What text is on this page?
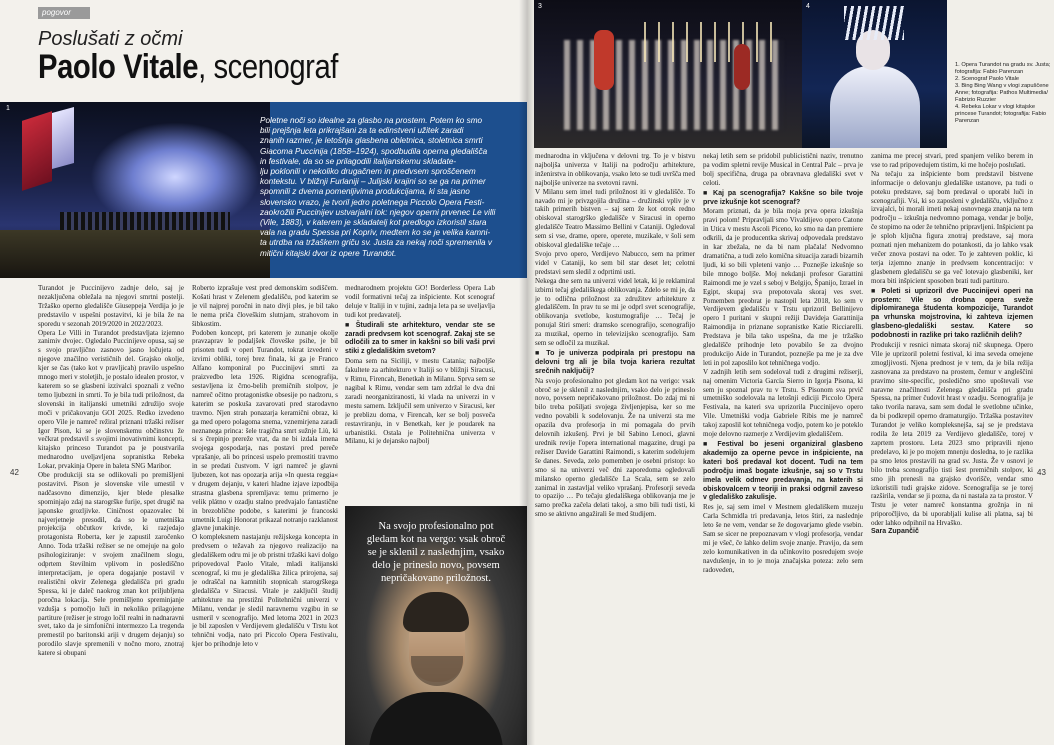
pogovor
Poslušati z očmi
Paolo Vitale, scenograf
1
Poletne noči so idealne za glasbo na prostem. Potem ko smo
bili prejšnja leta prikrajšani za ta edinstveni užitek zaradi
znanih razmer, je letošnja glasbena obletnica, stoletnica smrti
Giacoma Puccinija (1858–1924), spodbudila operna gledališča
in festivale, da so se prilagodili italijanskemu skladate-
lju poklonili v nekoliko drugačnem in predvsem sproščenem
kontekstu. V bližnji Furlaniji – Julijski krajini so se ga na primer
spomnili z dvema pomenljivima produkcijama, ki sta jasno
slovensko vrazo, je tvoril jedro poletnega Piccolo Opera Festi-
zaokrožili Puccinijev ustvarjalni lok: njegov operni prvenec Le villi
(Vile, 1883), v katerem je skladatelj kot predlogo izkoristil stara
vala na gradu Spessa pri Kopriv, medtem ko se je velika kamni-
ta utrdba na tržaškem griču sv. Justa za nekaj noči spremenila v
mitični kitajski dvor iz opere Turandot.
42
Turandot je Puccinijevo zadnje delo, saj je nezaključena obležala na njegovi smrtni postelji. Tržaško operno gledališče Giuseppeja Verdija jo je predstavilo v uspešni postavitvi, ki je bila že na sporedu v sezonah 2019/2020 in 2022/2023.
Opera Le Villi in Turandot predstavljata izjemno zanimiv dvojec. Ogledalo Puccinijeve opusa, saj se s svojo pravljično zasnovo jasno ločujeta od njegove značilno verističnih del. Grajsko okolje, kjer se čas (tako kot v pravljicah) pravilo uspešno mnogo meri v stoletjih, je postalo idealen prostor, v katerem so se glasbeni izzivalci spoznali z večno temo ljubezni in smrti. To je bila tudi priložnost, da slovenski in italijanski umetniki združijo svoje moči v pričakovanju GOI 2025. Redko izvedeno opero Vile je namreč režiral priznani tržaški režiser Igor Pison, ki se je slovenskemu občinstvu že večkrat predstavil s svojimi inovativnimi koncepti, kitajsko princeso Turandot pa je poustvarila mednarodno uveljavljena sopranistka Rebeka Lokar, prvakinja Opere in baleta SNG Maribor.
Obe produkciji sta se odlikovali po premišljeni postavitvi. Pison je slovenske vile umestil v nadčasovno dimenzijo, kjer blede plesalke spominjajo zdaj na starogrške furije, spet drugič na japonske grozljivke. Ciničnost opazovalec bi najverjetneje presodil, da so le umetniška projekcija občutkov krivde, ki razjedajo protagonista Roberta, ker je zapustil zaročenko Anno. Toda tržaški režiser se ne omejuje na golo psihologiziranje: v svojem značilnem slogu, odprtem številnim vplivom in poslediščno interpretacijam, je opera dogajanje postavil v realistični okvir Zelenega gledališča pri gradu Spessa, ki je daleč naokrog znan kot priljubljena poročna lokacija. Sele premišljeno spreminjanje vzdušja s pomočjo luči in nekoliko prilagojene partiture (režiser je strogo ločil realni in nadnaravni svet, tako da je simfonični intermezzo La tregenda premestil po baritonski ariji v drugem dejanju) so porodilo slavje spremenili v nočno moro, znotraj katere si obupani
Roberto izprašuje vest pred demonskim sodiščem. Košati hrast v Zelenem gledališču, pod katerim se je vil najprej poročni in nato divji ples, je bil tako le nema priča človeškim slutnjam, strahovom in šibkostim.
Podoben koncept, pri katerem je zunanje okolje pravzaprav le podaljšek človeške psihe, je bil prisoten tudi v operi Turandot, tokrat izvedeni v izvirni obliki, torej brez finala, ki ga je Franco Alfano komponiral po Puccinijevi smrti za praizvedbo leta 1926. Rigidna scenografija, sestavljena iz črno-belih premičnih stolpov, je namreč očitno protagonistke obsesije po nadzoru, s katerim se poskuša zavarovati pred starodavno travmo. Njen strah ponazarja keramični obraz, ki ga med opero polagoma snema, vznemirjena zaradi neznanega princa: šele tragična smrt sužnje Liù, ki si s črepinjo prereže vrat, da ne bi izdala imena svojega gospodarja, nas postavi pred pereče vprašanje, ali bo princesi uspelo premostiti travmo in se predati čustvom. V igri namreč je glavni ljubezen, kot nas opozarja arija »In questa reggia« v drugem dejanju, v kateri hladne izjave izpodbija strastna glasbena spremljava: temu primerno je velik plátno v ozadju stalno predvajalo fantastične in brezoblične podobe, s katerimi je francoski umetnik Luigi Honorat prikazal notranjo razklanost glavne junakinje.
O kompleksnem nastajanju režijskega koncepta in predvsem o težavah za njegovo realizacijo na gledališkem odru mi je ob pristni tržaški kavi dolgo pripovedoval Paolo Vitale, mladi italijanski scenograf, ki mu je gledališka žilica prirojena, saj je odraščal na kamnitih stopnicah starogrškega gledališča v Siracusi. Vitale je zaključil študij arhitekture na prestižni Politehnični univerzi v Milanu, vendar je sledil naravnemu vzgibu in se usmeril v scenografijo. Med letoma 2021 in 2023 je bil zaposlen v Verdijevem gledališču v Trstu kot tehnični vodja, nato pri Piccolo Opera Festivalu, kjer bo prihodnje leto v
mednarodnem projektu GO! Borderless Opera Lab vodil formativni tečaj za inšpiciente. Kot scenograf deluje v Italiji in v tujini, zadnja leta pa se uveljavlja tudi kot predavatelj.
■ Študirali ste arhitekturo, vendar ste se zaradi predvsem kot scenograf. Zakaj ste se odločili za to smer in kakšni so bili vaši prvi stiki z gledališkim svetom?
Doma sem na Siciliji, v mestu Catania; najboljše fakultete za arhitekturo v Italiji so v bližnji Siracusi, v Rimu, Firencah, Benetkah in Milanu. Sprva sem se nagibal k Rimu, vendar sem tam zdržal le dva dni zaradi neorganiziranosti, ki vlada na univerzi in v mestu samem. Izključil sem univerzo v Siracusi, ker je preblizu doma, v Firencah, ker se bolj posveča restavriranju, in v Benetkah, ker je poudarek na urbanistiki. Ostala je Politehnična univerza v Milanu, ki je dejansko najbolj
Na svojo profesionalno pot
gledam kot na vergo: vsak obroč
se je sklenil z naslednjim, vsako
delo je prineslo novo, povsem
nepričakovano priložnost.
3	4
1. Opera Turandot na gradu sv. Justa; fotografija: Fabio Parenzan
2. Scenograf Paolo Vitale
3. Bing Bing Wang v vlogi zapuščene Anne; fotografija: Pathos Multimedia/ Fabrizio Ruzzier
4. Rebeka Lokar v vlogi kitajske princese Turandot; fotografija: Fabio Parenzan
43
mednarodna in vključena v delovni trg. To je v bistvu najboljša univerza v Italiji na področju arhitekture, inženirstva in oblikovanja, vsako leto se tudi uvršča med najboljše univerze na svetovni ravni.
V Milanu sem imel tudi priložnost iti v gledališče. To navado mi je privzgojila družina – družinski vpliv je v takih primerih bistven – saj sem že kot otrok redno obiskoval starogrško gledališče v Siracusi in operno gledališče Teatro Massimo Bellini v Cataniji. Ogledoval sem si vse, drame, opere, operete, muzikale, v šoli sem obiskoval gledališke tečaje …
Svojo prvo opero, Verdijevo Nabucco, sem na primer videl v Cataniji, ko sem bil star deset let; celotni predstavi sem sledil z odprtimi usti.
Nekega dne sem na univerzi videl letak, ki je reklamiral izbirni tečaj gledališkega oblikovanja. Zdelo se mi je, da je to odlična priložnost za združitev arhitekture z gledališčem. In prav tu se mi je odprl svet scenografije, oblikovanja svetlobe, kostumografije … Tečaj je ponujal štiri smeri: dramsko scenografijo, scenografijo za muzikal, operno in televizijsko scenografijo. Sam sem se odločil za muzikal.
■ To je univerza podpirala pri prestopu na delovni trg ali je bila tvoja kariera rezultat srečnih naključij?
Na svojo profesionalno pot gledam kot na verigo: vsak obroč se je sklenil z naslednjim, vsako delo je prineslo novo, povsem nepričakovano priložnost. Do zdaj mi ni bilo treba pošiljati svojega življenjepisa, ker so me vedno povabili k sodelovanju. Že na univerzi sta me opazila dva profesorja in mi pomagala do prvih delovnih izkušenj. Prvi je bil Sabino Lenoci, glavni urednik revije l'opera international magazine, drugi pa režiser Davide Garattini Raimondi, s katerim sodelujem še danes. Seveda, zelo pomemben je osebni pristop: ko smo si na univerzi več dni zaporedoma ogledovali milansko operno gledališče La Scala, sem se zelo zanimal in zastavljal veliko vprašanj. Profesorji seveda to opazijo … Po tečaju gledališkega oblikovanja me je samo prečka začela delati takoj, a smo bili tudi tisti, ki smo se aktivno angažirali še med študijem.
nekaj letih sem se pridobil publicistični naziv, trenutno pa vodim spletni revije Musical in Central Palc – prva je bolj specifična, druga pa obravnava gledališki svet v celoti.
■ Kaj pa scenografija? Kakšne so bile tvoje prve izkušnje kot scenograf?
Moram priznati, da je bila moja prva opera izkušnja pravi polom! Pripravljali smo Vivaldijevo opero Catone in Utica v mestu Ascoli Piceno, ko smo na dan premiere odkrili, da je producentka skrivaj odpovedala predstavo in kar zbežala, ne da bi nam plačala! Nedvomno dramatična, a tudi zelo komična situacija zaradi bizarnih ljudi, ki so bili vpleteni vanjo … Poznejše izkušnje so bile mnogo boljše. Moj nekdanji profesor Garattini Raimondi me je vzel s seboj v Belgijo, Španijo, Izrael in Egipt, skupaj sva prepotovala skoraj ves svet. Pomemben preobrat je nastopil leta 2018, ko sem v Verdijevem gledališču v Trstu uprizoril Bellinijevo opero I puritani v skupni režiji Davideja Garattinija Raimondija in priznane sopranistke Katie Ricciarelli. Predstava je bila tako uspešna, da me je tržaško gledališče prihodnje leto povabilo še za dvojno produkcijo Aide in Turandot, poznejše pa me je za dve leti in pol zaposlilo kot tehničnega vodjo.
V zadnjih letih sem sodeloval tudi z drugimi režiserji, naj omenim Victoria García Sierro in Igorja Pisona, ki sem ju spoznal prav tu v Trstu. S Pisonom sva prvič umetniško sodelovala na letošnji ediciji Piccolo Opera Festivala, na kateri sva uprizorila Puccinijevo opero Vile. Umetniški vodja Gabriele Ribis me je namreč takoj zaposlil kot tehničnega vodjo, potem ko je poteklo moje delovno razmerje z Verdijevim gledališčem.
■ Festival bo jeseni organiziral glasbeno akademijo za operne pevce in inšpiciente, na kateri boš predaval kot docent. Tudi na tem področju imaš bogate izkušnje, saj so v Trstu imela velik odmev predavanja, na katerih si obiskovalcem v teoriji in praksi odgrnil zaveso v gledališko zakulisje.
Res je, saj sem imel v Mestnem gledališkem muzeju Carla Schmidla tri predavanja, letos štiri, za naslednje leto še ne vem, vendar se že dogovarjamo glede vsebin. Sam se sicer ne prepoznavam v vlogi profesorja, vendar mi je všeč, če lahko delim svoje znanje. Pravijo, da sem zelo komunikativen in da učinkovito posredujem svoje navdušenje, in to je moja značajska poteza: zelo sem radoveden,
zanima me precej stvari, pred spanjem veliko berem in vse to rad pripovedujem tistim, ki me hočejo poslušati.
Na tečaju za inšpiciente bom predstavil bistvene informacije o delovanju gledališke ustanove, pa tudi o poteku predstave, saj bom predaval o uporabi luči in scenografiji. Vsi, ki so zaposleni v gledališču, vključno z izvajalci, bi morali imeti nekaj osnovnega znanja na tem področju – izkušnja nedvomno pomaga, vendar je bolje, če stopimo na oder že tehnično pripravljeni. Inšpicient pa je sploh ključna figura znotraj predstave, saj mora poznati njen mehanizem do potankosti, da jo lahko vsak večer znova postavi na oder. To je zahteven poklic, ki terja izjemno znanje in predvsem koncentracijo: v glasbenem gledališču se ga več lotevajo glasbeniki, ker mora biti inšpicient sposoben brati tudi partituro.
■ Poleti si uprizoril dve Puccinijevi operi na prostem: Vile so drobna opera sveže diplomiranega študenta kompozicije, Turandot pa vrhunska mojstrovina, ki zahteva izjemen glasbeno-gledališki sestav. Katere so podobnosti in razlike pri tako različnih delih?
Produkciji v resnici nimata skoraj nič skupnega. Opero Vile je uprizoril poletni festival, ki ima seveda omejene zmogljivosti. Njena prednost je v tem, da je bila režija zasnovana za predstavo na prostem, čemur v angleščini pravimo site-specific, posledično smo upoštevali vse naravne značilnosti Zelenega gledališča pri gradu Spessa, na primer čudovit hrast v ozadju. Scenografija je tako tvorila narava, sam sem dodal le svetlobne učinke, da bi podkrepil operno dramaturgijo. Tržaška postavitev Turandot je veliko kompleksnejša, saj se je predstava rodila že leta 2019 za Verdijevo gledališče, torej v zaprtem prostoru. Leta 2023 smo pripravili njeno predelavo, ki je po mojem mnenju dosledna, to je razlika pa smo letos prestavili na grad sv. Justa. Že v osnovi je bilo treba scenografijo tisti šest premičnih stolpov, ki smo jih prenesli na grajsko dvorišče, vendar smo izkoristili tudi grajske zidove. Scenografija se je torej razširila, vendar se ji pozna, da ni nastala za ta prostor. V Trstu je veter namreč konstantna grožnja in ni priporočljivo, da bi uporabljali kulise ali platna, saj bi oder lahko odpihnil na Hrvaško.
Sara Zupančič
